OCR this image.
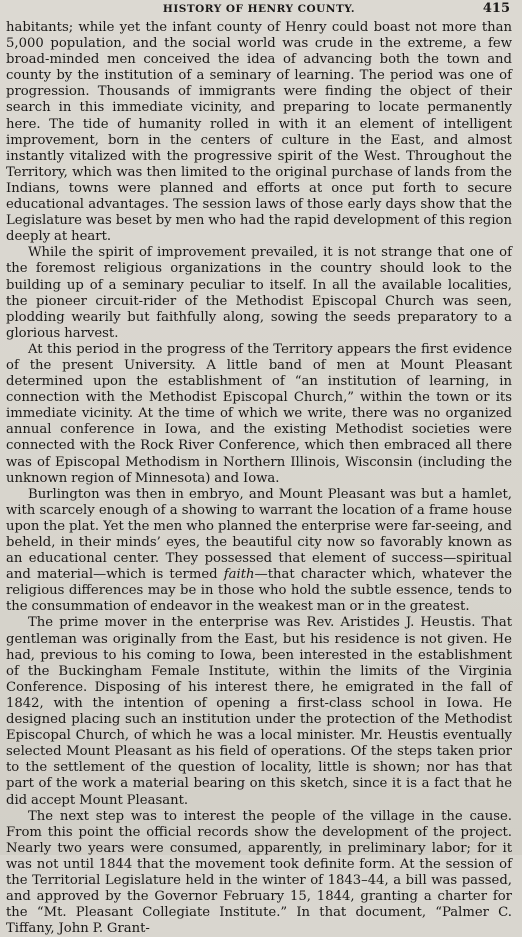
HISTORY OF HENRY COUNTY.	415

habitants; while yet the infant county of Henry could boast not more than 5,000 population, and the social world was crude in the extreme, a few broad-minded men conceived the idea of advancing both the town and county by the institution of a seminary of learning. The period was one of progression. Thousands of immigrants were finding the object of their search in this immediate vicinity, and preparing to locate permanently here. The tide of humanity rolled in with it an element of intelligent improvement, born in the centers of culture in the East, and almost instantly vitalized with the progressive spirit of the West. Throughout the Territory, which was then limited to the original purchase of lands from the Indians, towns were planned and efforts at once put forth to secure educational advantages. The session laws of those early days show that the Legislature was beset by men who had the rapid development of this region deeply at heart.

While the spirit of improvement prevailed, it is not strange that one of the foremost religious organizations in the country should look to the building up of a seminary peculiar to itself. In all the available localities, the pioneer circuit-rider of the Methodist Episcopal Church was seen, plodding wearily but faithfully along, sowing the seeds preparatory to a glorious harvest.

At this period in the progress of the Territory appears the first evidence of the present University. A little band of men at Mount Pleasant determined upon the establishment of “an institution of learning, in connection with the Methodist Episcopal Church,” within the town or its immediate vicinity. At the time of which we write, there was no organized annual conference in Iowa, and the existing Methodist societies were connected with the Rock River Conference, which then embraced all there was of Episcopal Methodism in Northern Illinois, Wisconsin (including the unknown region of Minnesota) and Iowa.

Burlington was then in embryo, and Mount Pleasant was but a hamlet, with scarcely enough of a showing to warrant the location of a frame house upon the plat. Yet the men who planned the enterprise were far-seeing, and beheld, in their minds’ eyes, the beautiful city now so favorably known as an educational center. They possessed that element of success—spiritual and material—which is termed faith—that character which, whatever the religious differences may be in those who hold the subtle essence, tends to the consummation of endeavor in the weakest man or in the greatest.

The prime mover in the enterprise was Rev. Aristides J. Heustis. That gentleman was originally from the East, but his residence is not given. He had, previous to his coming to Iowa, been interested in the establishment of the Buckingham Female Institute, within the limits of the Virginia Conference. Disposing of his interest there, he emigrated in the fall of 1842, with the intention of opening a first-class school in Iowa. He designed placing such an institution under the protection of the Methodist Episcopal Church, of which he was a local minister. Mr. Heustis eventually selected Mount Pleasant as his field of operations. Of the steps taken prior to the settlement of the question of locality, little is shown; nor has that part of the work a material bearing on this sketch, since it is a fact that he did accept Mount Pleasant.

The next step was to interest the people of the village in the cause. From this point the official records show the development of the project. Nearly two years were consumed, apparently, in preliminary labor; for it was not until 1844 that the movement took definite form. At the session of the Territorial Legislature held in the winter of 1843–44, a bill was passed, and approved by the Governor February 15, 1844, granting a charter for the “Mt. Pleasant Collegiate Institute.” In that document, “Palmer C. Tiffany, John P. Grant-
